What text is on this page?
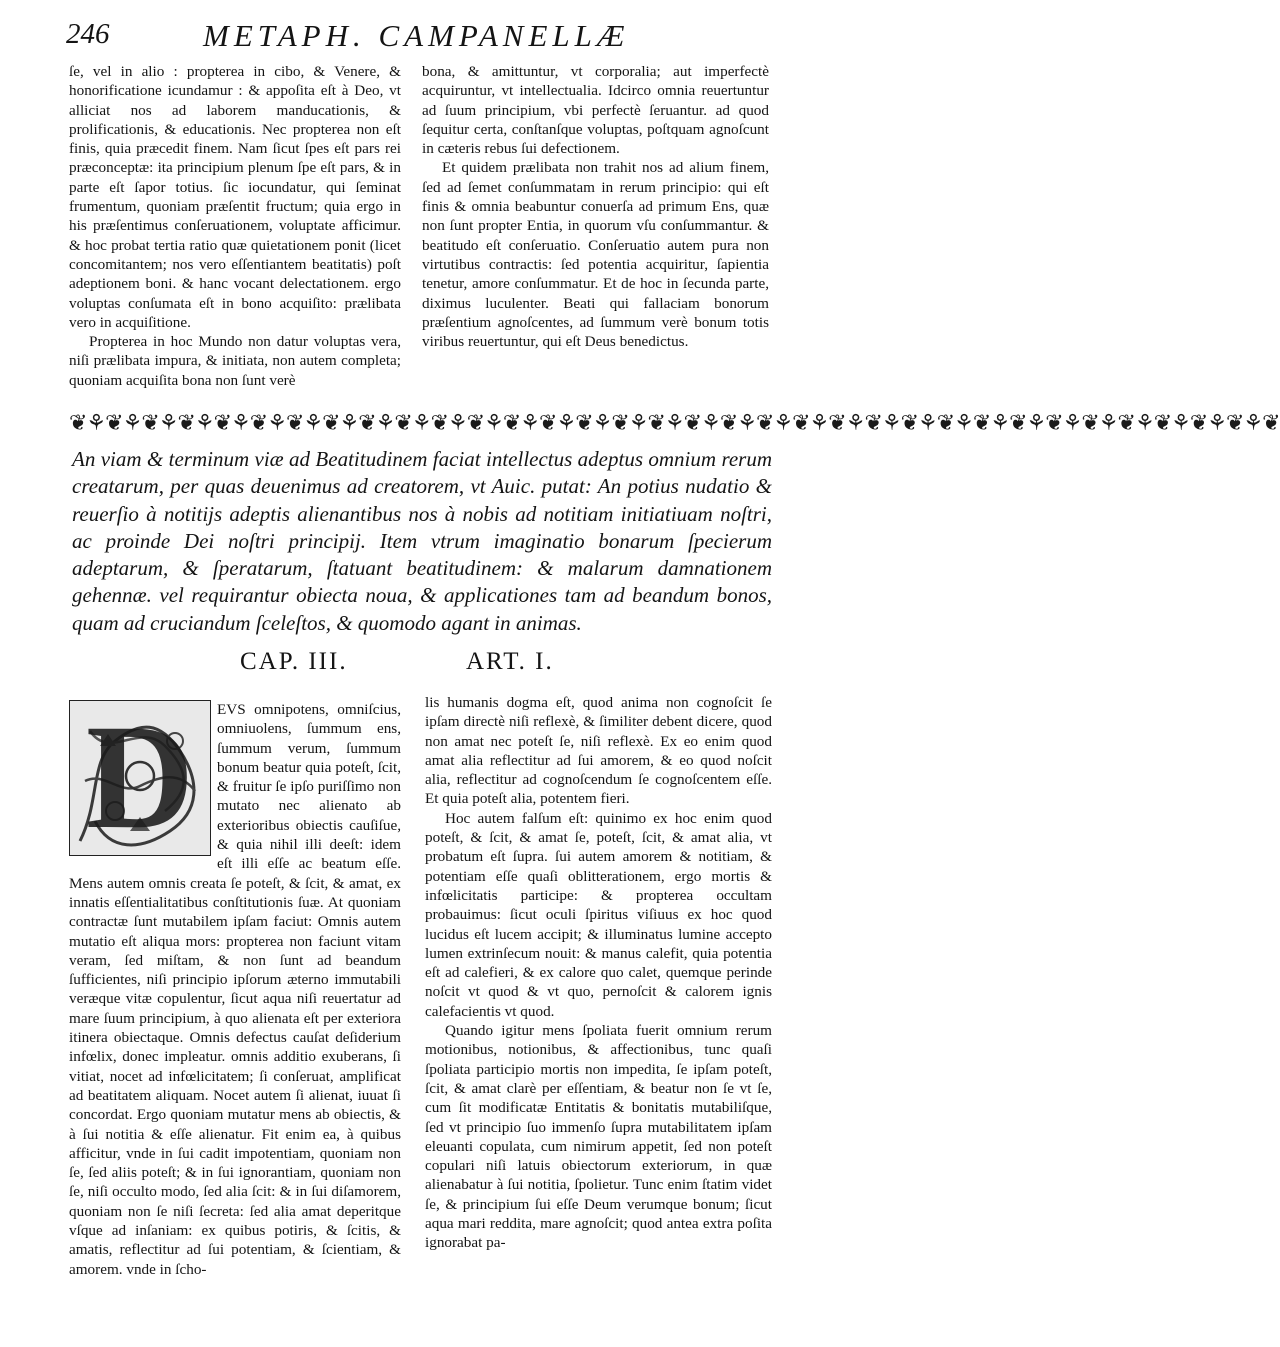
246	METAPH. CAMPANELLÆ

ſe, vel in alio : propterea in cibo, & Venere, & honorificatione icundamur : & appoſita eſt à Deo, vt alliciat nos ad laborem manducationis, & prolificationis, & educationis. Nec propterea non eſt finis, quia præcedit finem. Nam ſicut ſpes eſt pars rei præconceptæ: ita principium plenum ſpe eſt pars, & in parte eſt ſapor totius. ſic iocundatur, qui ſeminat frumentum, quoniam præſentit fructum; quia ergo in his præſentimus conſeruationem, voluptate afficimur. & hoc probat tertia ratio quæ quietationem ponit (licet concomitantem; nos vero eſſentiantem beatitatis) poſt adeptionem boni. & hanc vocant delectationem. ergo voluptas conſumata eſt in bono acquiſito: prælibata vero in acquiſitione.

Propterea in hoc Mundo non datur voluptas vera, niſi prælibata impura, & initiata, non autem completa; quoniam acquiſita bona non ſunt verè

bona, & amittuntur, vt corporalia; aut imperfectè acquiruntur, vt intellectualia. Idcirco omnia reuertuntur ad ſuum principium, vbi perfectè ſeruantur. ad quod ſequitur certa, conſtanſque voluptas, poſtquam agnoſcunt in cæteris rebus ſui defectionem.

Et quidem prælibata non trahit nos ad alium finem, ſed ad ſemet conſummatam in rerum principio: qui eſt finis & omnia beabuntur conuerſa ad primum Ens, quæ non ſunt propter Entia, in quorum vſu conſummantur. & beatitudo eſt conſeruatio. Conſeruatio autem pura non virtutibus contractis: ſed potentia acquiritur, ſapientia tenetur, amore conſummatur. Et de hoc in ſecunda parte, diximus luculenter. Beati qui fallaciam bonorum præſentium agnoſcentes, ad ſummum verè bonum totis viribus reuertuntur, qui eſt Deus benedictus.

❦⚘❦⚘❦⚘❦⚘❦⚘❦⚘❦⚘❦⚘❦⚘❦⚘❦⚘❦⚘❦⚘❦⚘❦⚘❦⚘❦⚘❦⚘❦⚘❦⚘❦⚘❦⚘❦⚘❦⚘❦⚘❦⚘❦⚘❦⚘❦⚘❦⚘❦⚘❦⚘❦⚘❦
An viam & terminum viæ ad Beatitudinem faciat intellectus adeptus omnium rerum creatarum, per quas deuenimus ad creatorem, vt Auic. putat: An potius nudatio & reuerſio à notitijs adeptis alienantibus nos à nobis ad notitiam initiatiuam noſtri, ac proinde Dei noſtri principij. Item vtrum imaginatio bonarum ſpecierum adeptarum, & ſperatarum, ſtatuant beatitudinem: & malarum damnationem gehennæ. vel requirantur obiecta noua, & applicationes tam ad beandum bonos, quam ad cruciandum ſceleſtos, & quomodo agant in animas.
CAP. III.	ART. I.
D	EVS omnipotens, omniſcius, omniuolens, ſummum ens, ſummum verum, ſummum bonum beatur quia poteſt, ſcit, & fruitur ſe ipſo puriſſimo non mutato nec alienato ab exterioribus obiectis cauſiſue, & quia nihil illi deeſt: idem eſt illi eſſe ac beatum eſſe. Mens autem omnis creata ſe poteſt, & ſcit, & amat, ex innatis eſſentialitatibus conſtitutionis ſuæ. At quoniam contractæ ſunt mutabilem ipſam faciut: Omnis autem mutatio eſt aliqua mors: propterea non faciunt vitam veram, ſed miſtam, & non ſunt ad beandum ſufficientes, niſi principio ipſorum æterno immutabili veræque vitæ copulentur, ſicut aqua niſi reuertatur ad mare ſuum principium, à quo alienata eſt per exteriora itinera obiectaque. Omnis defectus cauſat deſiderium infœlix, donec impleatur. omnis additio exuberans, ſi vitiat, nocet ad infœlicitatem; ſi conſeruat, amplificat ad beatitatem aliquam. Nocet autem ſi alienat, iuuat ſi concordat. Ergo quoniam mutatur mens ab obiectis, & à ſui notitia & eſſe alienatur. Fit enim ea, à quibus afficitur, vnde in ſui cadit impotentiam, quoniam non ſe, ſed aliis poteſt; & in ſui ignorantiam, quoniam non ſe, niſi occulto modo, ſed alia ſcit: & in ſui diſamorem, quoniam non ſe niſi ſecreta: ſed alia amat deperitque vſque ad inſaniam: ex quibus potiris, & ſcitis, & amatis, reflectitur ad ſui potentiam, & ſcientiam, & amorem. vnde in ſcho-

lis humanis dogma eſt, quod anima non cognoſcit ſe ipſam directè niſi reflexè, & ſimiliter debent dicere, quod non amat nec poteſt ſe, niſi reflexè. Ex eo enim quod amat alia reflectitur ad ſui amorem, & eo quod noſcit alia, reflectitur ad cognoſcendum ſe cognoſcentem eſſe. Et quia poteſt alia, potentem fieri.

Hoc autem falſum eſt: quinimo ex hoc enim quod poteſt, & ſcit, & amat ſe, poteſt, ſcit, & amat alia, vt probatum eſt ſupra. ſui autem amorem & notitiam, & potentiam eſſe quaſi oblitterationem, ergo mortis & infœlicitatis participe: & propterea occultam probauimus: ſicut oculi ſpiritus viſiuus ex hoc quod lucidus eſt lucem accipit; & illuminatus lumine accepto lumen extrinſecum nouit: & manus calefit, quia potentia eſt ad calefieri, & ex calore quo calet, quemque perinde noſcit vt quod & vt quo, pernoſcit & calorem ignis calefacientis vt quod.

Quando igitur mens ſpoliata fuerit omnium rerum motionibus, notionibus, & affectionibus, tunc quaſi ſpoliata participio mortis non impedita, ſe ipſam poteſt, ſcit, & amat clarè per eſſentiam, & beatur non ſe vt ſe, cum ſit modificatæ Entitatis & bonitatis mutabiliſque, ſed vt principio ſuo immenſo ſupra mutabilitatem ipſam eleuanti copulata, cum nimirum appetit, ſed non poteſt copulari niſi latuis obiectorum exteriorum, in quæ alienabatur à ſui notitia, ſpolietur. Tunc enim ſtatim videt ſe, & principium ſui eſſe Deum verumque bonum; ſicut aqua mari reddita, mare agnoſcit; quod antea extra poſita ignorabat pa-
